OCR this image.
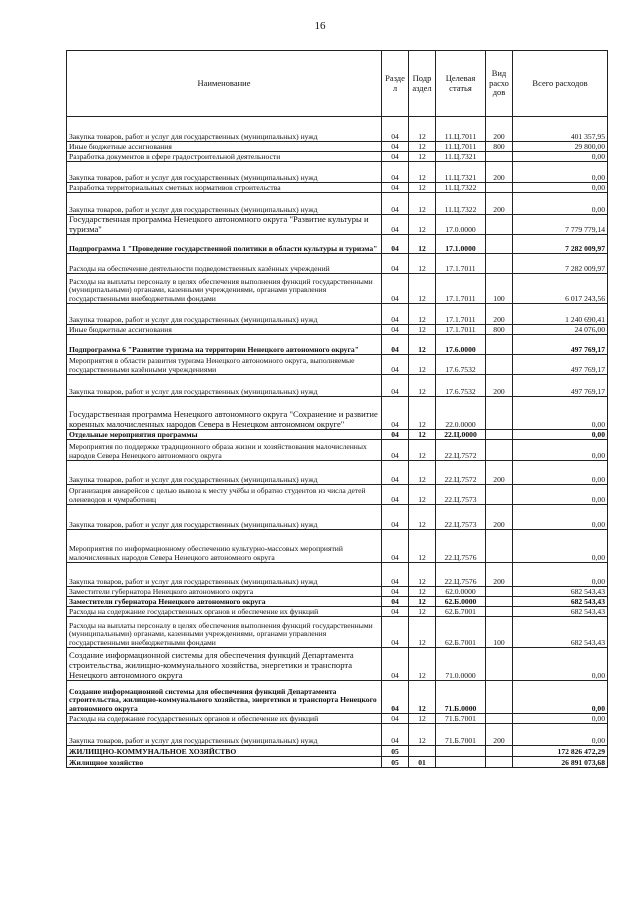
16
Наименование	Разде л	Подр аздел	Целевая статья	Вид расхо дов	Всего расходов
Закупка товаров, работ и услуг для государственных (муниципальных) нужд	04	12	11.Ц.7011	200	401 357,95
Иные бюджетные ассигнования	04	12	11.Ц.7011	800	29 800,00
Разработка документов в сфере градостроительной деятельности	04	12	11.Ц.7321		0,00
Закупка товаров, работ и услуг для государственных (муниципальных) нужд	04	12	11.Ц.7321	200	0,00
Разработка территориальных сметных нормативов строительства	04	12	11.Ц.7322		0,00
Закупка товаров, работ и услуг для государственных (муниципальных) нужд	04	12	11.Ц.7322	200	0,00
Государственная программа Ненецкого автономного округа "Развитие культуры и туризма"	04	12	17.0.0000		7 779 779,14
Подпрограмма 1 "Проведение государственной политики в области культуры и туризма"	04	12	17.1.0000		7 282 009,97
Расходы на обеспечение деятельности подведомственных казённых учреждений	04	12	17.1.7011		7 282 009,97
Расходы на выплаты персоналу в целях обеспечения выполнения функций государственными (муниципальными) органами, казенными учреждениями, органами управления государственными внебюджетными фондами	04	12	17.1.7011	100	6 017 243,56
Закупка товаров, работ и услуг для государственных (муниципальных) нужд	04	12	17.1.7011	200	1 240 690,41
Иные бюджетные ассигнования	04	12	17.1.7011	800	24 076,00
Подпрограмма 6 "Развитие туризма на территории Ненецкого автономного округа"	04	12	17.6.0000		497 769,17
Мероприятия в области развития туризма Ненецкого автономного округа, выполняемые государственными казёнными учреждениями	04	12	17.6.7532		497 769,17
Закупка товаров, работ и услуг для государственных (муниципальных) нужд	04	12	17.6.7532	200	497 769,17
Государственная программа Ненецкого автономного округа "Сохранение и развитие коренных малочисленных народов Севера в Ненецком автономном округе"	04	12	22.0.0000		0,00
Отдельные мероприятия программы	04	12	22.Ц.0000		0,00
Мероприятия по поддержке традиционного образа жизни и хозяйствования малочисленных народов Севера Ненецкого автономного округа	04	12	22.Ц.7572		0,00
Закупка товаров, работ и услуг для государственных (муниципальных) нужд	04	12	22.Ц.7572	200	0,00
Организация авиарейсов с целью вывоза к месту учёбы и обратно студентов из числа детей оленеводов и чумработниц	04	12	22.Ц.7573		0,00
Закупка товаров, работ и услуг для государственных (муниципальных) нужд	04	12	22.Ц.7573	200	0,00
Мероприятия по информационному обеспечению культурно-массовых мероприятий малочисленных народов Севера Ненецкого автономного округа	04	12	22.Ц.7576		0,00
Закупка товаров, работ и услуг для государственных (муниципальных) нужд	04	12	22.Ц.7576	200	0,00
Заместители губернатора Ненецкого автономного округа	04	12	62.0.0000		682 543,43
Заместители губернатора Ненецкого автономного округа	04	12	62.Б.0000		682 543,43
Расходы на содержание государственных органов и обеспечение их функций	04	12	62.Б.7001		682 543,43
Расходы на выплаты персоналу в целях обеспечения выполнения функций государственными (муниципальными) органами, казенными учреждениями, органами управления государственными внебюджетными фондами	04	12	62.Б.7001	100	682 543,43
Создание информационной системы для обеспечения функций Департамента строительства, жилищно-коммунального хозяйства, энергетики и транспорта Ненецкого автономного округа	04	12	71.0.0000		0,00
Создание информационной системы для обеспечения функций Департамента строительства, жилищно-коммунального хозяйства, энергетики и транспорта Ненецкого автономного округа	04	12	71.Б.0000		0,00
Расходы на содержание государственных органов и обеспечение их функций	04	12	71.Б.7001		0,00
Закупка товаров, работ и услуг для государственных (муниципальных) нужд	04	12	71.Б.7001	200	0,00
ЖИЛИЩНО-КОММУНАЛЬНОЕ ХОЗЯЙСТВО	05				172 826 472,29
Жилищное хозяйство	05	01			26 891 073,68
